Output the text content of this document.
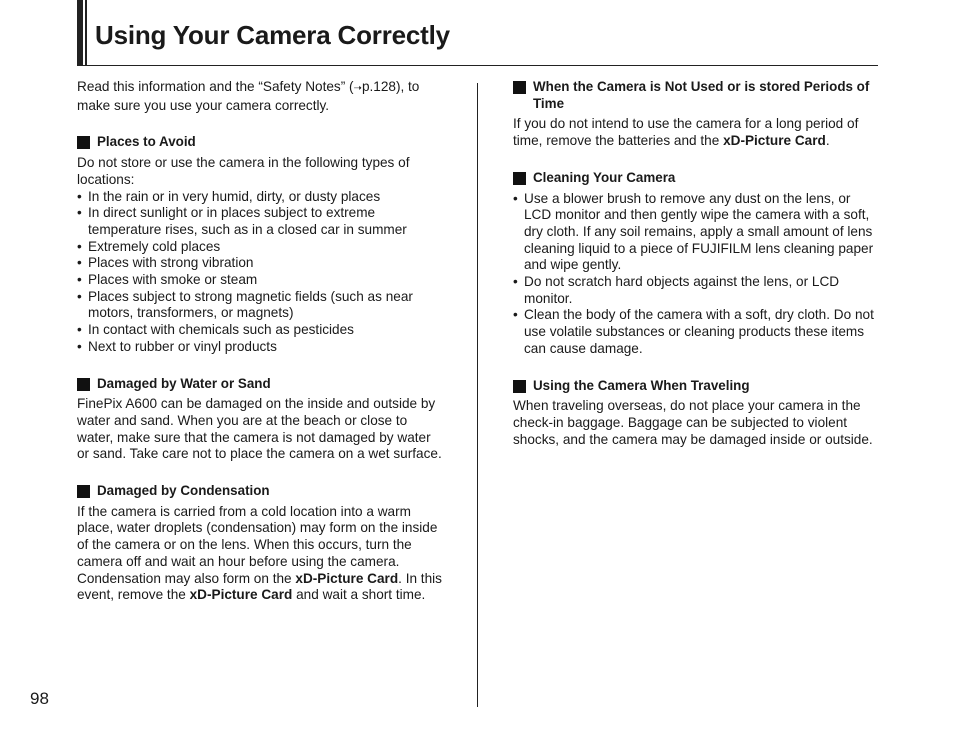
Using Your Camera Correctly

Read this information and the “Safety Notes” (➝p.128), to make sure you use your camera correctly.

Places to Avoid

Do not store or use the camera in the following types of locations:

• In the rain or in very humid, dirty, or dusty places
• In direct sunlight or in places subject to extreme temperature rises, such as in a closed car in summer
• Extremely cold places
• Places with strong vibration
• Places with smoke or steam
• Places subject to strong magnetic fields (such as near motors, transformers, or magnets)
• In contact with chemicals such as pesticides
• Next to rubber or vinyl products

Damaged by Water or Sand

FinePix A600 can be damaged on the inside and outside by water and sand. When you are at the beach or close to water, make sure that the camera is not damaged by water or sand. Take care not to place the camera on a wet surface.

Damaged by Condensation

If the camera is carried from a cold location into a warm place, water droplets (condensation) may form on the inside of the camera or on the lens. When this occurs, turn the camera off and wait an hour before using the camera. Condensation may also form on the xD-Picture Card. In this event, remove the xD-Picture Card and wait a short time.

When the Camera is Not Used or is stored Periods of Time

If you do not intend to use the camera for a long period of time, remove the batteries and the xD-Picture Card.

Cleaning Your Camera

• Use a blower brush to remove any dust on the lens, or LCD monitor and then gently wipe the camera with a soft, dry cloth. If any soil remains, apply a small amount of lens cleaning liquid to a piece of FUJIFILM lens cleaning paper and wipe gently.
• Do not scratch hard objects against the lens, or LCD monitor.
• Clean the body of the camera with a soft, dry cloth. Do not use volatile substances or cleaning products these items can cause damage.

Using the Camera When Traveling

When traveling overseas, do not place your camera in the check-in baggage. Baggage can be subjected to violent shocks, and the camera may be damaged inside or outside.

98
